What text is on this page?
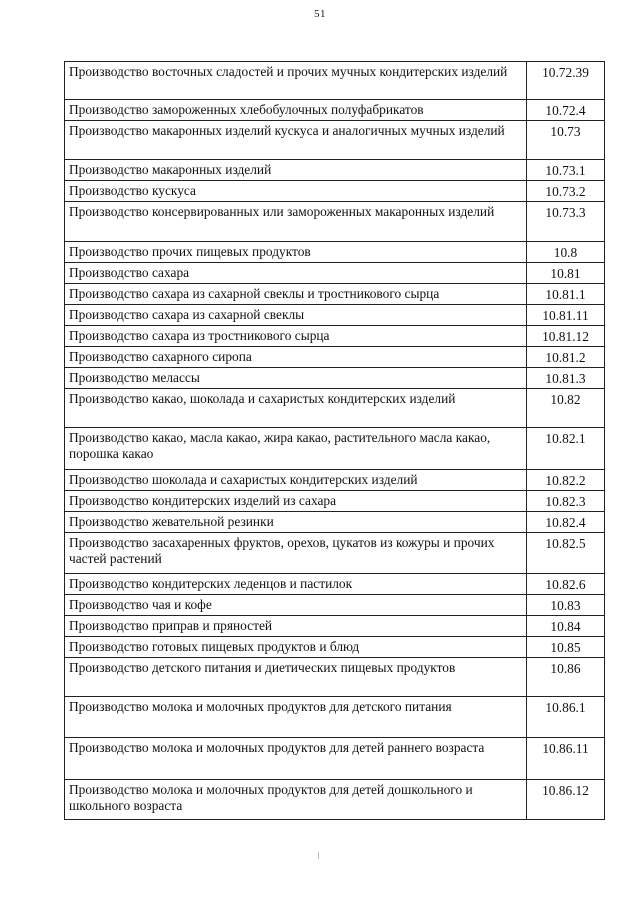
51
Производство восточных сладостей и прочих мучных кондитерских изделий	10.72.39
Производство замороженных хлебобулочных полуфабрикатов	10.72.4
Производство макаронных изделий кускуса и аналогичных мучных изделий	10.73
Производство макаронных изделий	10.73.1
Производство кускуса	10.73.2
Производство консервированных или замороженных макаронных изделий	10.73.3
Производство прочих пищевых продуктов	10.8
Производство сахара	10.81
Производство сахара из сахарной свеклы и тростникового сырца	10.81.1
Производство сахара из сахарной свеклы	10.81.11
Производство сахара из тростникового сырца	10.81.12
Производство сахарного сиропа	10.81.2
Производство мелассы	10.81.3
Производство какао, шоколада и сахаристых кондитерских изделий	10.82
Производство какао, масла какао, жира какао, растительного масла какао, порошка какао	10.82.1
Производство шоколада и сахаристых кондитерских изделий	10.82.2
Производство кондитерских изделий из сахара	10.82.3
Производство жевательной резинки	10.82.4
Производство засахаренных фруктов, орехов, цукатов из кожуры и прочих частей растений	10.82.5
Производство кондитерских леденцов и пастилок	10.82.6
Производство чая и кофе	10.83
Производство приправ и пряностей	10.84
Производство готовых пищевых продуктов и блюд	10.85
Производство детского питания и диетических пищевых продуктов	10.86
Производство молока и молочных продуктов для детского питания	10.86.1
Производство молока и молочных продуктов для детей раннего возраста	10.86.11
Производство молока и молочных продуктов для детей дошкольного и школьного возраста	10.86.12
